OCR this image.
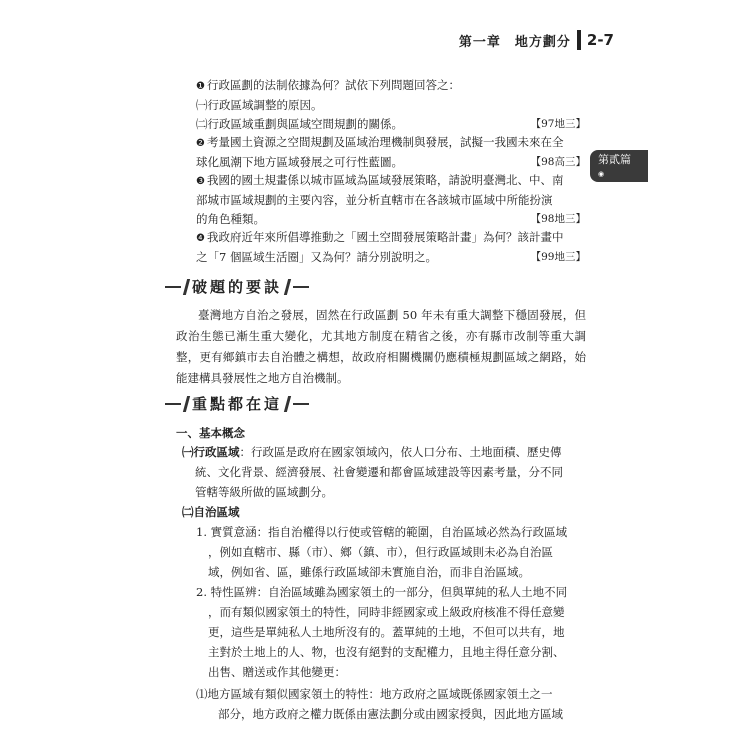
第一章　地方劃分 2-7
第貳篇
◉
❶ 行政區劃的法制依據為何？試依下列問題回答之：
㈠行政區域調整的原因。
㈡行政區域重劃與區域空間規劃的關係。	【97地三】
❷ 考量國土資源之空間規劃及區域治理機制與發展，試擬一我國未來在全
球化風潮下地方區域發展之可行性藍圖。	【98高三】
❸ 我國的國土規畫係以城市區域為區域發展策略，請說明臺灣北、中、南
部城市區域規劃的主要內容，並分析直轄市在各該城市區域中所能扮演
的角色種類。	【98地三】
❹ 我政府近年來所倡導推動之「國土空間發展策略計畫」為何？該計畫中
之「7 個區域生活圈」又為何？請分別說明之。	【99地三】
破題的要訣
臺灣地方自治之發展，固然在行政區劃 50 年未有重大調整下穩固發展，但政治生態已漸生重大變化，尤其地方制度在精省之後，亦有縣市改制等重大調整，更有鄉鎮市去自治體之構想，故政府相關機關仍應積極規劃區域之網路，始能建構具發展性之地方自治機制。
重點都在這
一、基本概念
㈠行政區域：行政區是政府在國家領域內，依人口分布、土地面積、歷史傳
統、文化背景、經濟發展、社會變遷和都會區域建設等因素考量，分不同
管轄等級所做的區域劃分。
㈡自治區域
1. 實質意涵：指自治權得以行使或管轄的範圍，自治區域必然為行政區域
，例如直轄市、縣（市）、鄉（鎮、市），但行政區域則未必為自治區
域，例如省、區，雖係行政區域卻未實施自治，而非自治區域。
2. 特性區辨：自治區域雖為國家領土的一部分，但與單純的私人土地不同
，而有類似國家領土的特性，同時非經國家或上級政府核准不得任意變
更，這些是單純私人土地所沒有的。蓋單純的土地，不但可以共有，地
主對於土地上的人、物，也沒有絕對的支配權力，且地主得任意分割、
出售、贈送或作其他變更：
⑴地方區域有類似國家領土的特性：地方政府之區域既係國家領土之一
部分，地方政府之權力既係由憲法劃分或由國家授與，因此地方區域
